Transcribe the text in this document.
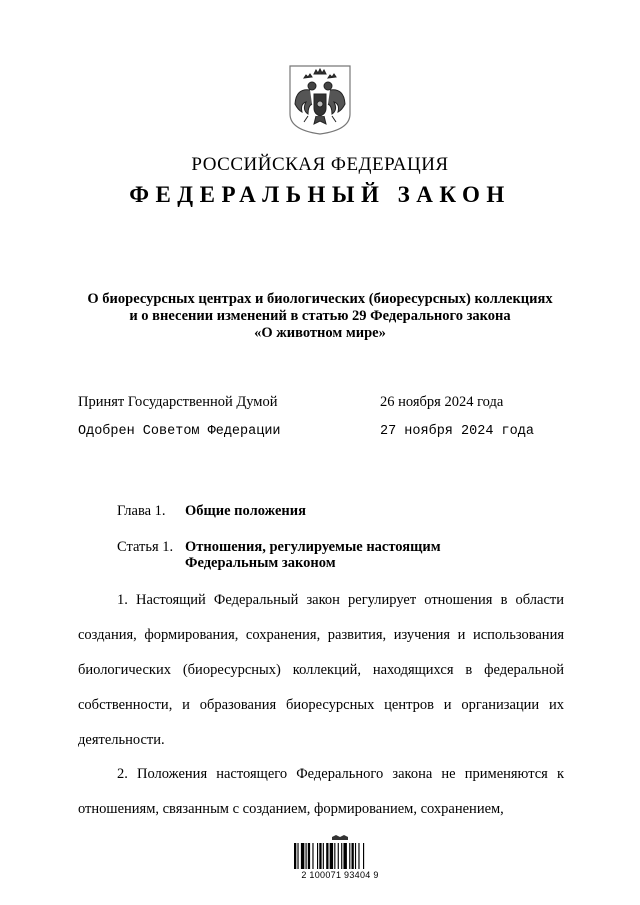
РОССИЙСКАЯ ФЕДЕРАЦИЯ
ФЕДЕРАЛЬНЫЙ ЗАКОН
О биоресурсных центрах и биологических (биоресурсных) коллекциях
и о внесении изменений в статью 29 Федерального закона
«О животном мире»
Принят Государственной Думой	26 ноября 2024 года
Одобрен Советом Федерации	27 ноября 2024 года
Глава 1. Общие положения
Статья 1. Отношения, регулируемые настоящим
Федеральным законом
1. Настоящий Федеральный закон регулирует отношения в области создания, формирования, сохранения, развития, изучения и использования биологических (биоресурсных) коллекций, находящихся в федеральной собственности, и образования биоресурсных центров и организации их деятельности.
2. Положения настоящего Федерального закона не применяются к отношениям, связанным с созданием, формированием, сохранением,
2 100071 93404 9
